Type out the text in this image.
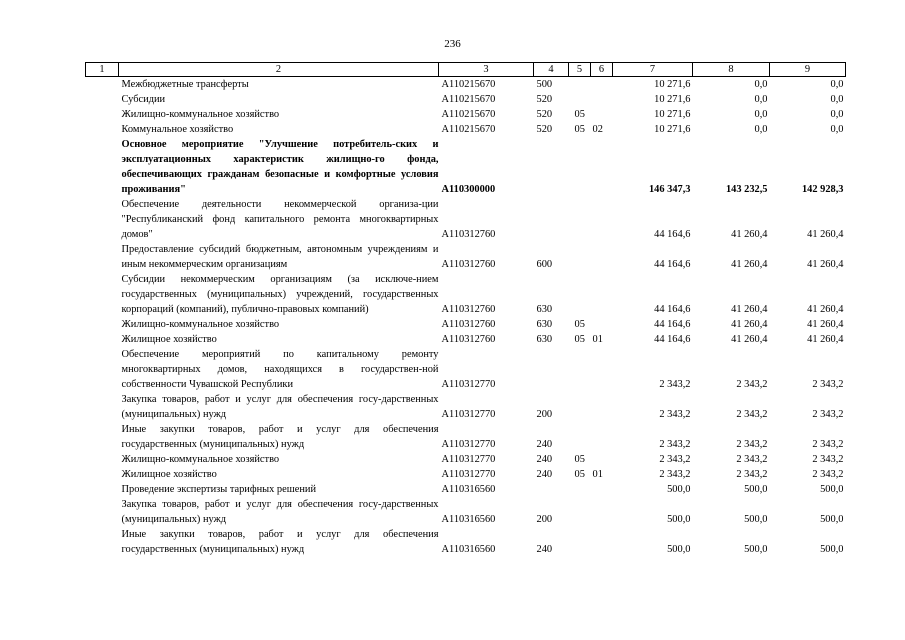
236
1	2	3	4	5	6	7	8	9
	Межбюджетные трансферты	А110215670	500			10 271,6	0,0	0,0
	Субсидии	А110215670	520			10 271,6	0,0	0,0
	Жилищно-коммунальное хозяйство	А110215670	520	05		10 271,6	0,0	0,0
	Коммунальное хозяйство	А110215670	520	05	02	10 271,6	0,0	0,0
	Основное мероприятие "Улучшение потребитель-ских и эксплуатационных характеристик жилищно-го фонда, обеспечивающих гражданам безопасные и комфортные условия проживания"	А110300000				146 347,3	143 232,5	142 928,3
	Обеспечение деятельности некоммерческой организа-ции "Республиканский фонд капитального ремонта многоквартирных домов"	А110312760				44 164,6	41 260,4	41 260,4
	Предоставление субсидий бюджетным, автономным учреждениям и иным некоммерческим организациям	А110312760	600			44 164,6	41 260,4	41 260,4
	Субсидии некоммерческим организациям (за исключе-нием государственных (муниципальных) учреждений, государственных корпораций (компаний), публично-правовых компаний)	А110312760	630			44 164,6	41 260,4	41 260,4
	Жилищно-коммунальное хозяйство	А110312760	630	05		44 164,6	41 260,4	41 260,4
	Жилищное хозяйство	А110312760	630	05	01	44 164,6	41 260,4	41 260,4
	Обеспечение мероприятий по капитальному ремонту многоквартирных домов, находящихся в государствен-ной собственности Чувашской Республики	А110312770				2 343,2	2 343,2	2 343,2
	Закупка товаров, работ и услуг для обеспечения госу-дарственных (муниципальных) нужд	А110312770	200			2 343,2	2 343,2	2 343,2
	Иные закупки товаров, работ и услуг для обеспечения государственных (муниципальных) нужд	А110312770	240			2 343,2	2 343,2	2 343,2
	Жилищно-коммунальное хозяйство	А110312770	240	05		2 343,2	2 343,2	2 343,2
	Жилищное хозяйство	А110312770	240	05	01	2 343,2	2 343,2	2 343,2
	Проведение экспертизы тарифных решений	А110316560				500,0	500,0	500,0
	Закупка товаров, работ и услуг для обеспечения госу-дарственных (муниципальных) нужд	А110316560	200			500,0	500,0	500,0
	Иные закупки товаров, работ и услуг для обеспечения государственных (муниципальных) нужд	А110316560	240			500,0	500,0	500,0
